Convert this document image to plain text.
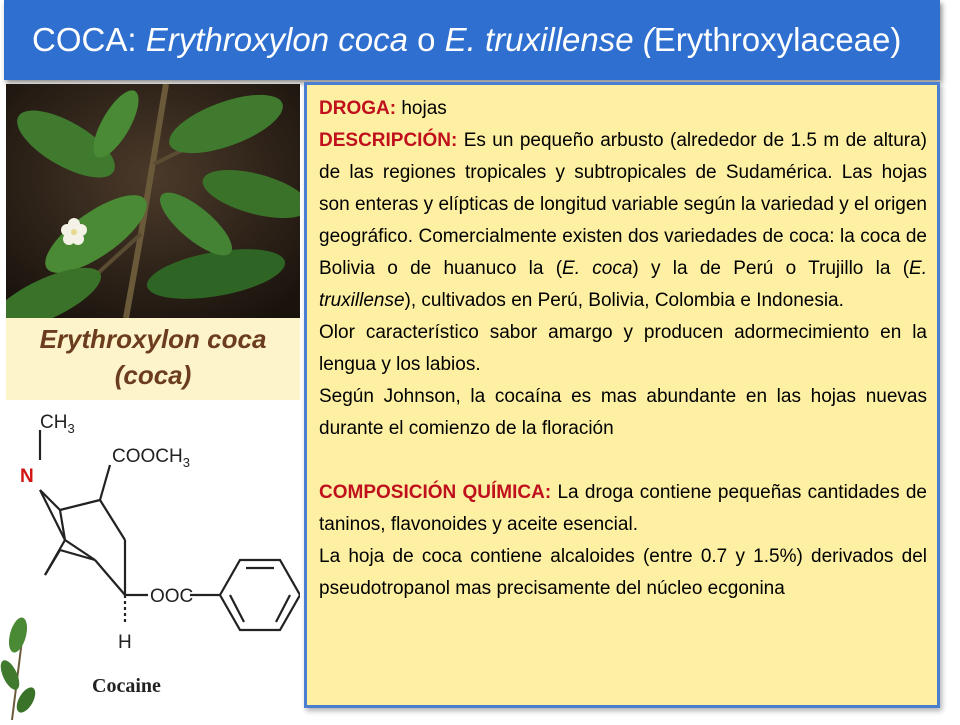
COCA: Erythroxylon coca o E. truxillense ( Erythroxylaceae)
Erythroxylon coca
(coca)
$CH_3$
N
$COOCH_3$
OOC
H
Cocaine

DROGA: hojas

DESCRIPCIÓN: Es un pequeño arbusto (alrededor de 1.5 m de altura) de las regiones tropicales y subtropicales de Sudamérica. Las hojas son enteras y elípticas de longitud variable según la variedad y el origen geográfico. Comercialmente existen dos variedades de coca: la coca de Bolivia o de huanuco la (E. coca) y la de Perú o Trujillo la (E. truxillense), cultivados en Perú, Bolivia, Colombia e Indonesia.

Olor característico sabor amargo y producen adormecimiento en la lengua y los labios.

Según Johnson, la cocaína es mas abundante en las hojas nuevas durante el comienzo de la floración

COMPOSICIÓN QUÍMICA: La droga contiene pequeñas cantidades de taninos, flavonoides y aceite esencial.

La hoja de coca contiene alcaloides (entre 0.7 y 1.5%) derivados del pseudotropanol mas precisamente del núcleo ecgonina
